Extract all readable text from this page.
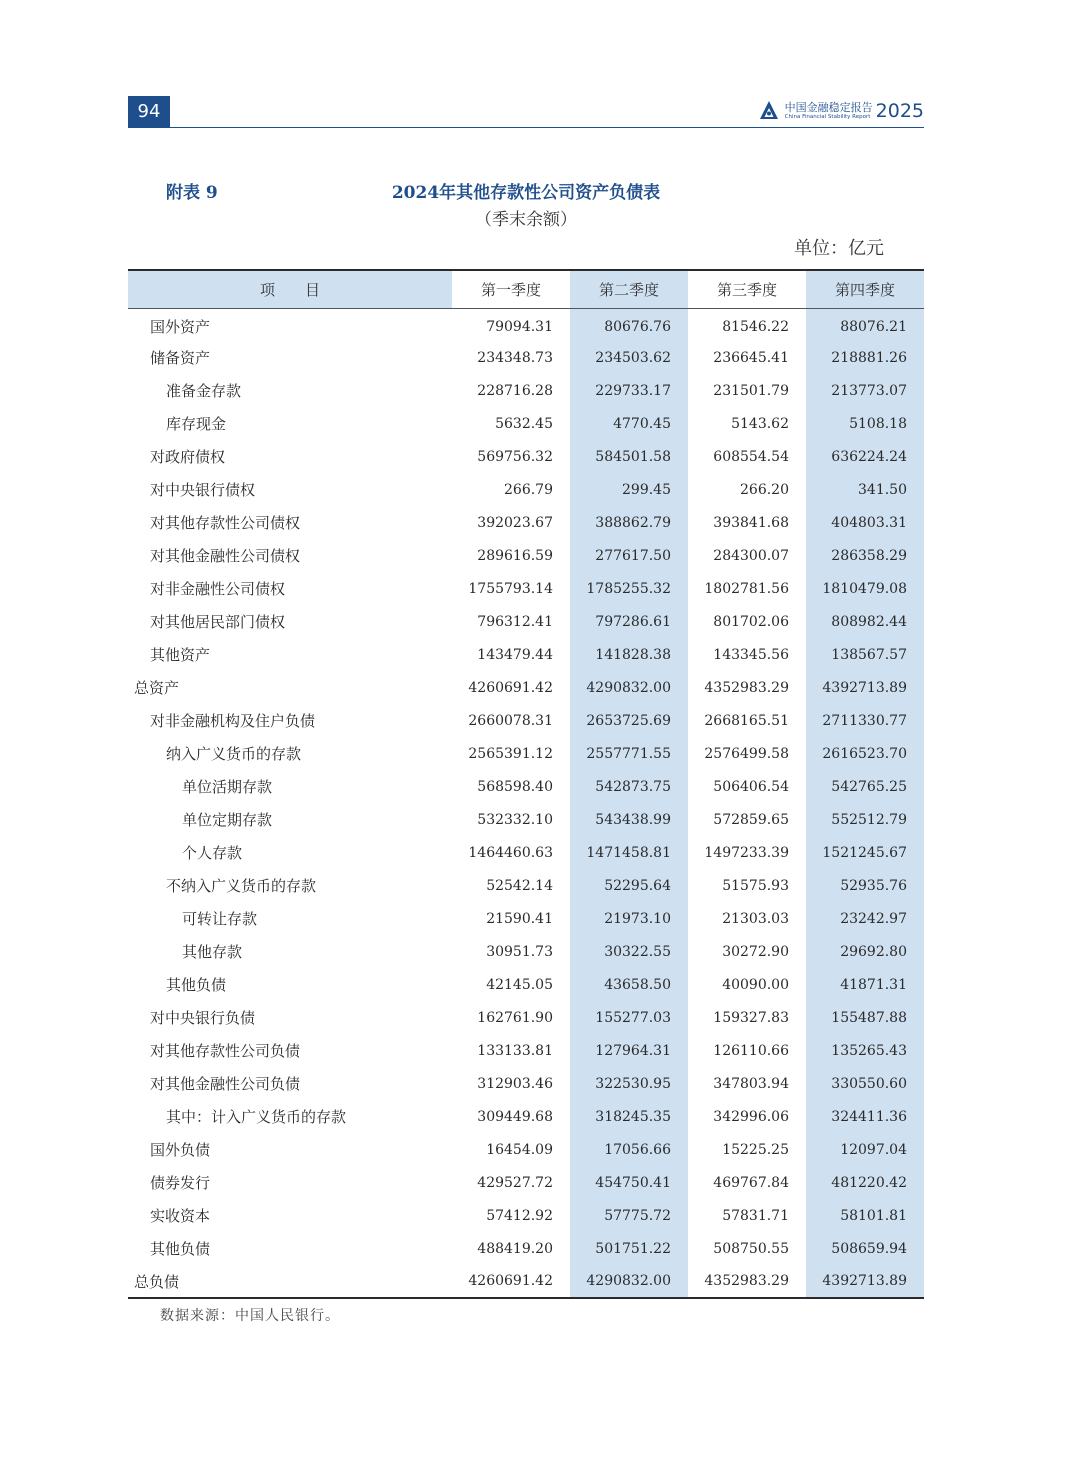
94	中国金融稳定报告
China Financial Stability Report 2025
附表 9	2024年其他存款性公司资产负债表
（季末余额）
单位：亿元
项　　目	第一季度	第二季度	第三季度	第四季度
国外资产	79094.31	80676.76	81546.22	88076.21
储备资产	234348.73	234503.62	236645.41	218881.26
准备金存款	228716.28	229733.17	231501.79	213773.07
库存现金	5632.45	4770.45	5143.62	5108.18
对政府债权	569756.32	584501.58	608554.54	636224.24
对中央银行债权	266.79	299.45	266.20	341.50
对其他存款性公司债权	392023.67	388862.79	393841.68	404803.31
对其他金融性公司债权	289616.59	277617.50	284300.07	286358.29
对非金融性公司债权	1755793.14	1785255.32	1802781.56	1810479.08
对其他居民部门债权	796312.41	797286.61	801702.06	808982.44
其他资产	143479.44	141828.38	143345.56	138567.57
总资产	4260691.42	4290832.00	4352983.29	4392713.89
对非金融机构及住户负债	2660078.31	2653725.69	2668165.51	2711330.77
纳入广义货币的存款	2565391.12	2557771.55	2576499.58	2616523.70
单位活期存款	568598.40	542873.75	506406.54	542765.25
单位定期存款	532332.10	543438.99	572859.65	552512.79
个人存款	1464460.63	1471458.81	1497233.39	1521245.67
不纳入广义货币的存款	52542.14	52295.64	51575.93	52935.76
可转让存款	21590.41	21973.10	21303.03	23242.97
其他存款	30951.73	30322.55	30272.90	29692.80
其他负债	42145.05	43658.50	40090.00	41871.31
对中央银行负债	162761.90	155277.03	159327.83	155487.88
对其他存款性公司负债	133133.81	127964.31	126110.66	135265.43
对其他金融性公司负债	312903.46	322530.95	347803.94	330550.60
其中：计入广义货币的存款	309449.68	318245.35	342996.06	324411.36
国外负债	16454.09	17056.66	15225.25	12097.04
债券发行	429527.72	454750.41	469767.84	481220.42
实收资本	57412.92	57775.72	57831.71	58101.81
其他负债	488419.20	501751.22	508750.55	508659.94
总负债	4260691.42	4290832.00	4352983.29	4392713.89
数据来源：中国人民银行。
